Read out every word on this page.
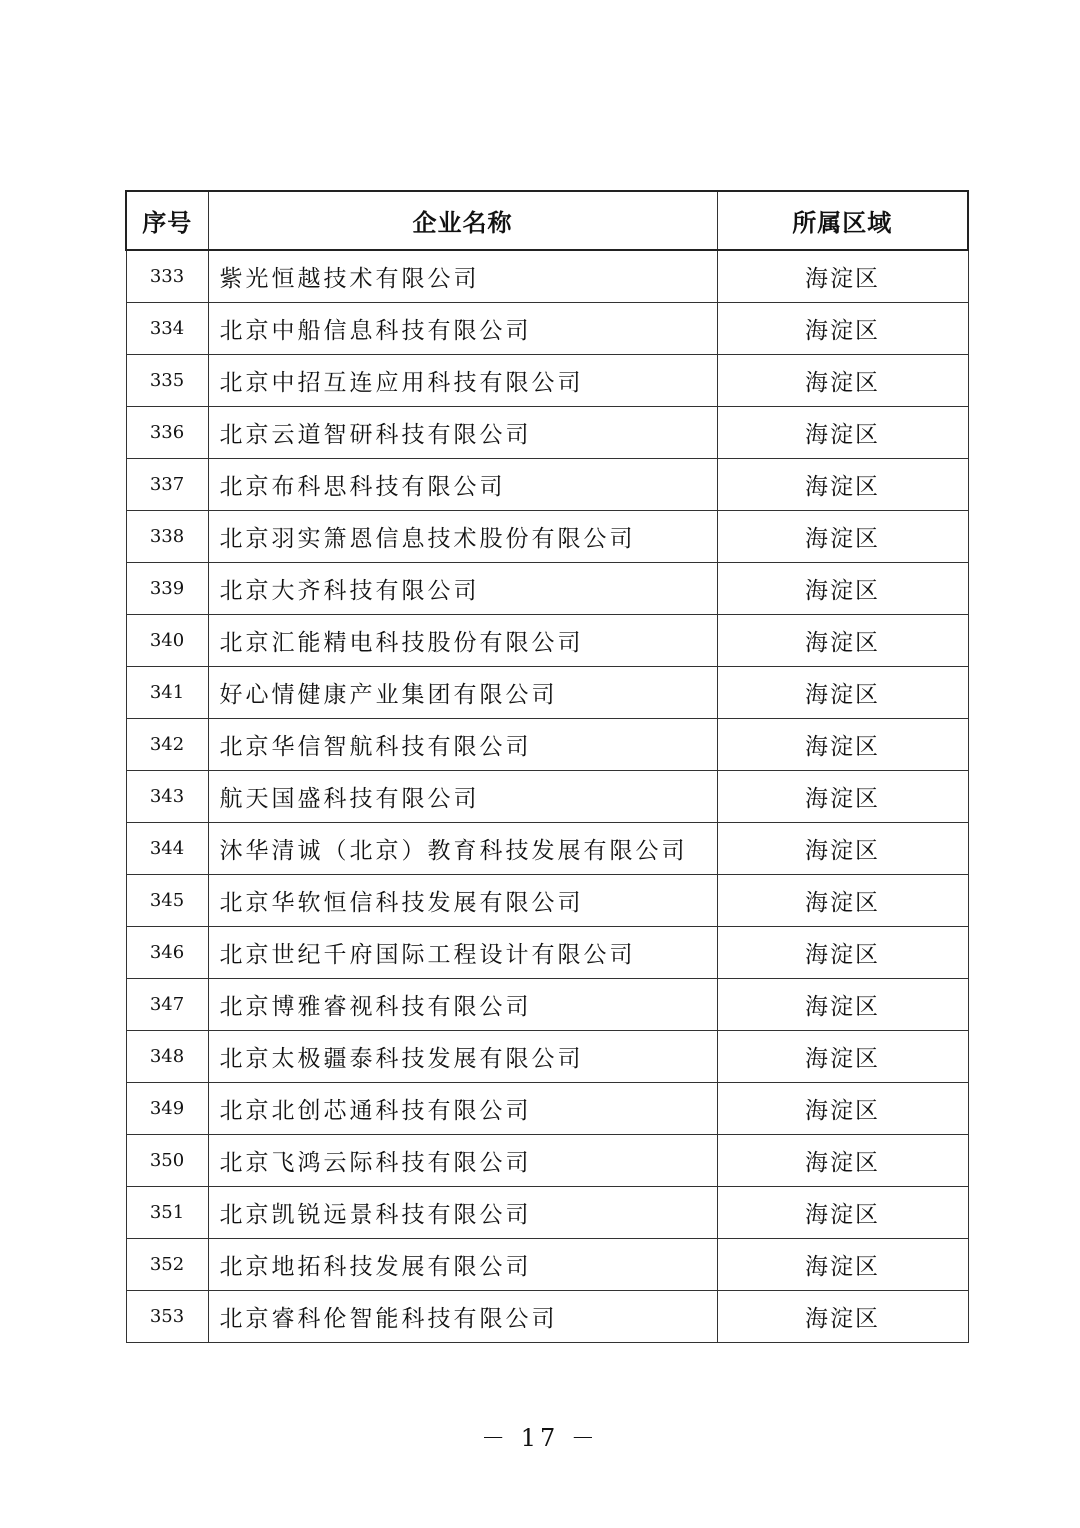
序号	企业名称	所属区域
333	紫光恒越技术有限公司	海淀区
334	北京中船信息科技有限公司	海淀区
335	北京中招互连应用科技有限公司	海淀区
336	北京云道智研科技有限公司	海淀区
337	北京布科思科技有限公司	海淀区
338	北京羽实箫恩信息技术股份有限公司	海淀区
339	北京大齐科技有限公司	海淀区
340	北京汇能精电科技股份有限公司	海淀区
341	好心情健康产业集团有限公司	海淀区
342	北京华信智航科技有限公司	海淀区
343	航天国盛科技有限公司	海淀区
344	沐华清诚（北京）教育科技发展有限公司	海淀区
345	北京华软恒信科技发展有限公司	海淀区
346	北京世纪千府国际工程设计有限公司	海淀区
347	北京博雅睿视科技有限公司	海淀区
348	北京太极疆泰科技发展有限公司	海淀区
349	北京北创芯通科技有限公司	海淀区
350	北京飞鸿云际科技有限公司	海淀区
351	北京凯锐远景科技有限公司	海淀区
352	北京地拓科技发展有限公司	海淀区
353	北京睿科伦智能科技有限公司	海淀区
－ 17 －
